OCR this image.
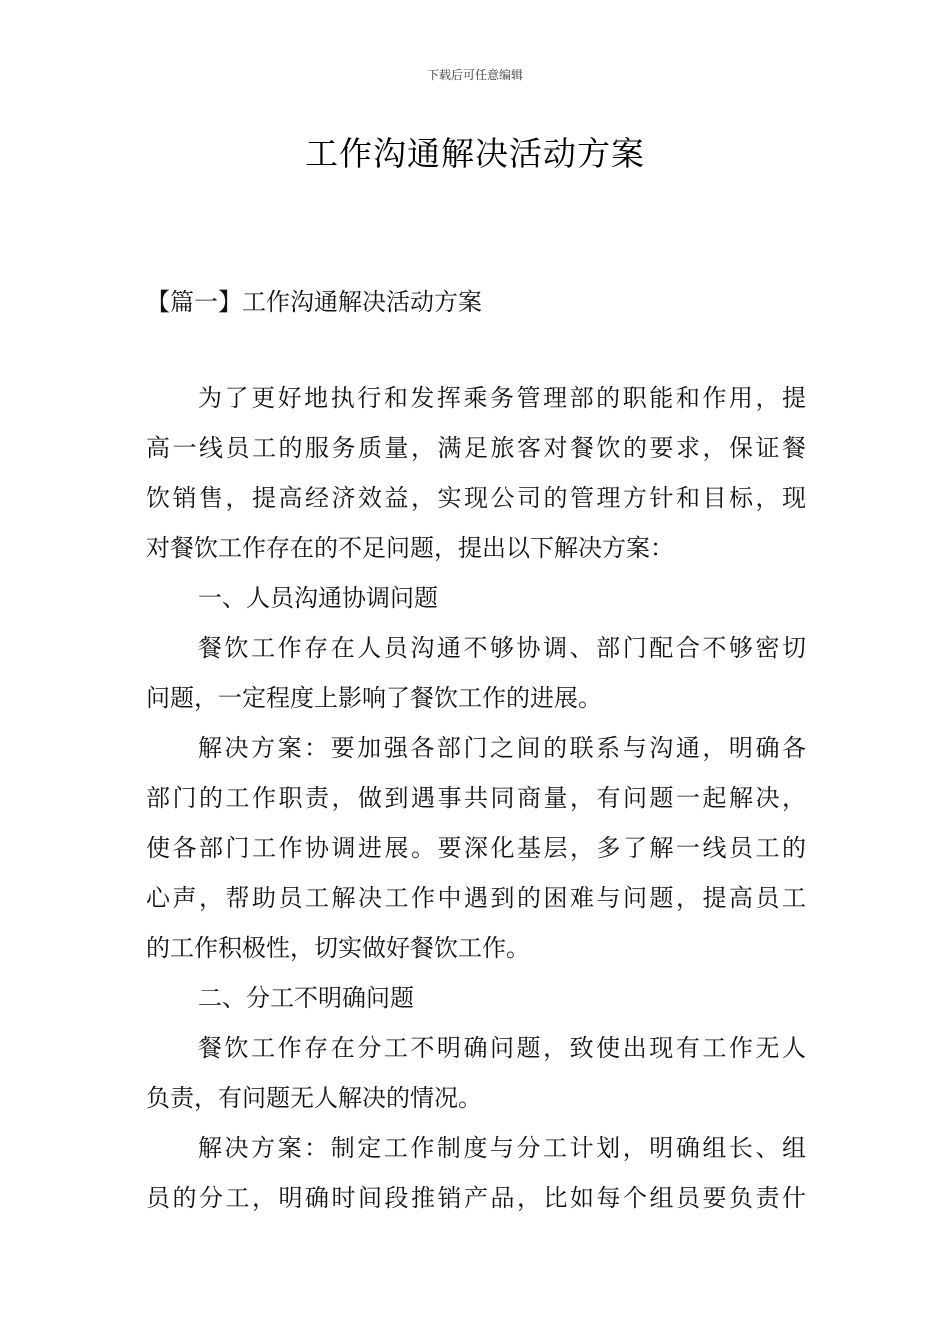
下载后可任意编辑
工作沟通解决活动方案
【篇一】工作沟通解决活动方案
为了更好地执行和发挥乘务管理部的职能和作用，提
高一线员工的服务质量，满足旅客对餐饮的要求，保证餐
饮销售，提高经济效益，实现公司的管理方针和目标，现
对餐饮工作存在的不足问题，提出以下解决方案：
一、人员沟通协调问题
餐饮工作存在人员沟通不够协调、部门配合不够密切
问题，一定程度上影响了餐饮工作的进展。
解决方案：要加强各部门之间的联系与沟通，明确各
部门的工作职责，做到遇事共同商量，有问题一起解决，
使各部门工作协调进展。要深化基层，多了解一线员工的
心声，帮助员工解决工作中遇到的困难与问题，提高员工
的工作积极性，切实做好餐饮工作。
二、分工不明确问题
餐饮工作存在分工不明确问题，致使出现有工作无人
负责，有问题无人解决的情况。
解决方案：制定工作制度与分工计划，明确组长、组
员的分工，明确时间段推销产品，比如每个组员要负责什
